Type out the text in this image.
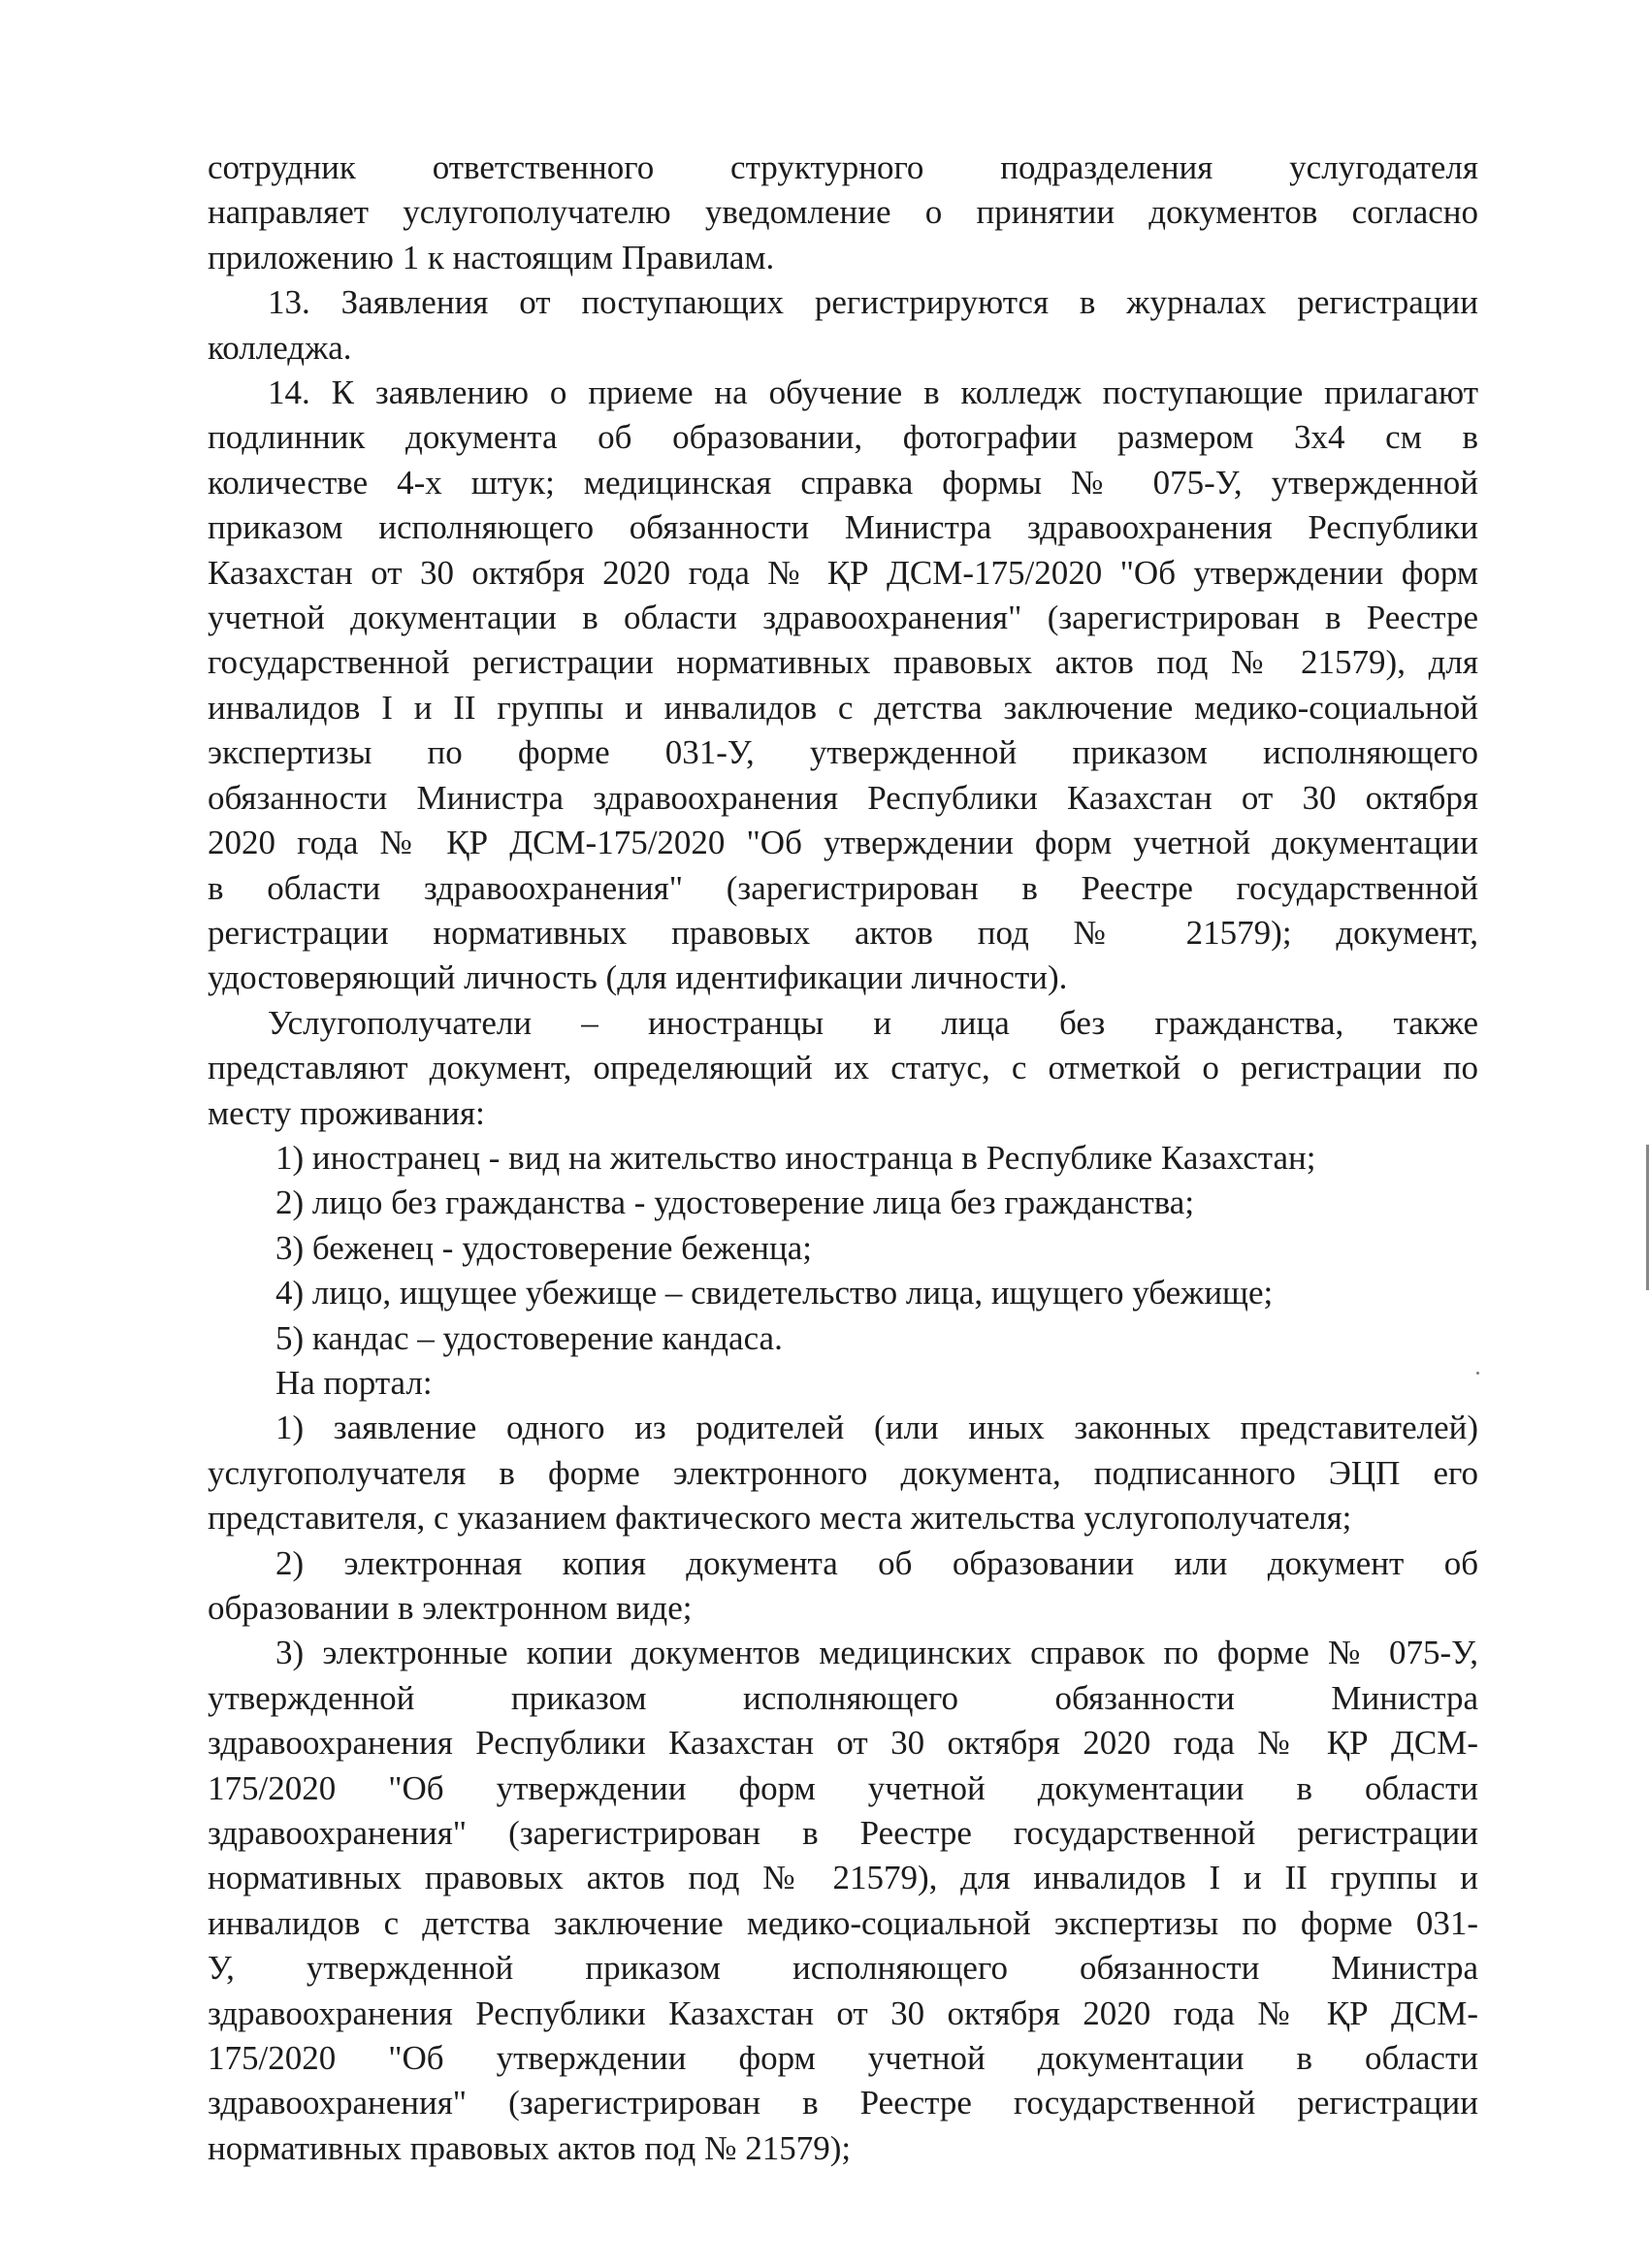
сотрудник ответственного структурного подразделения услугодателя
направляет услугополучателю уведомление о принятии документов согласно
приложению 1 к настоящим Правилам.
13. Заявления от поступающих регистрируются в журналах регистрации
колледжа.
14. К заявлению о приеме на обучение в колледж поступающие прилагают
подлинник документа об образовании, фотографии размером 3х4 см в
количестве 4-х штук; медицинская справка формы № 075-У, утвержденной
приказом исполняющего обязанности Министра здравоохранения Республики
Казахстан от 30 октября 2020 года № ҚР ДСМ-175/2020 "Об утверждении форм
учетной документации в области здравоохранения" (зарегистрирован в Реестре
государственной регистрации нормативных правовых актов под № 21579), для
инвалидов I и II группы и инвалидов с детства заключение медико-социальной
экспертизы по форме 031-У, утвержденной приказом исполняющего
обязанности Министра здравоохранения Республики Казахстан от 30 октября
2020 года № ҚР ДСМ-175/2020 "Об утверждении форм учетной документации
в области здравоохранения" (зарегистрирован в Реестре государственной
регистрации нормативных правовых актов под № 21579); документ,
удостоверяющий личность (для идентификации личности).
Услугополучатели – иностранцы и лица без гражданства, также
представляют документ, определяющий их статус, с отметкой о регистрации по
месту проживания:
1) иностранец - вид на жительство иностранца в Республике Казахстан;
2) лицо без гражданства - удостоверение лица без гражданства;
3) беженец - удостоверение беженца;
4) лицо, ищущее убежище – свидетельство лица, ищущего убежище;
5) кандас – удостоверение кандаса.
На портал:
1) заявление одного из родителей (или иных законных представителей)
услугополучателя в форме электронного документа, подписанного ЭЦП его
представителя, с указанием фактического места жительства услугополучателя;
2) электронная копия документа об образовании или документ об
образовании в электронном виде;
3) электронные копии документов медицинских справок по форме № 075-У,
утвержденной приказом исполняющего обязанности Министра
здравоохранения Республики Казахстан от 30 октября 2020 года № ҚР ДСМ-
175/2020 "Об утверждении форм учетной документации в области
здравоохранения" (зарегистрирован в Реестре государственной регистрации
нормативных правовых актов под № 21579), для инвалидов I и II группы и
инвалидов с детства заключение медико-социальной экспертизы по форме 031-
У, утвержденной приказом исполняющего обязанности Министра
здравоохранения Республики Казахстан от 30 октября 2020 года № ҚР ДСМ-
175/2020 "Об утверждении форм учетной документации в области
здравоохранения" (зарегистрирован в Реестре государственной регистрации
нормативных правовых актов под № 21579);
